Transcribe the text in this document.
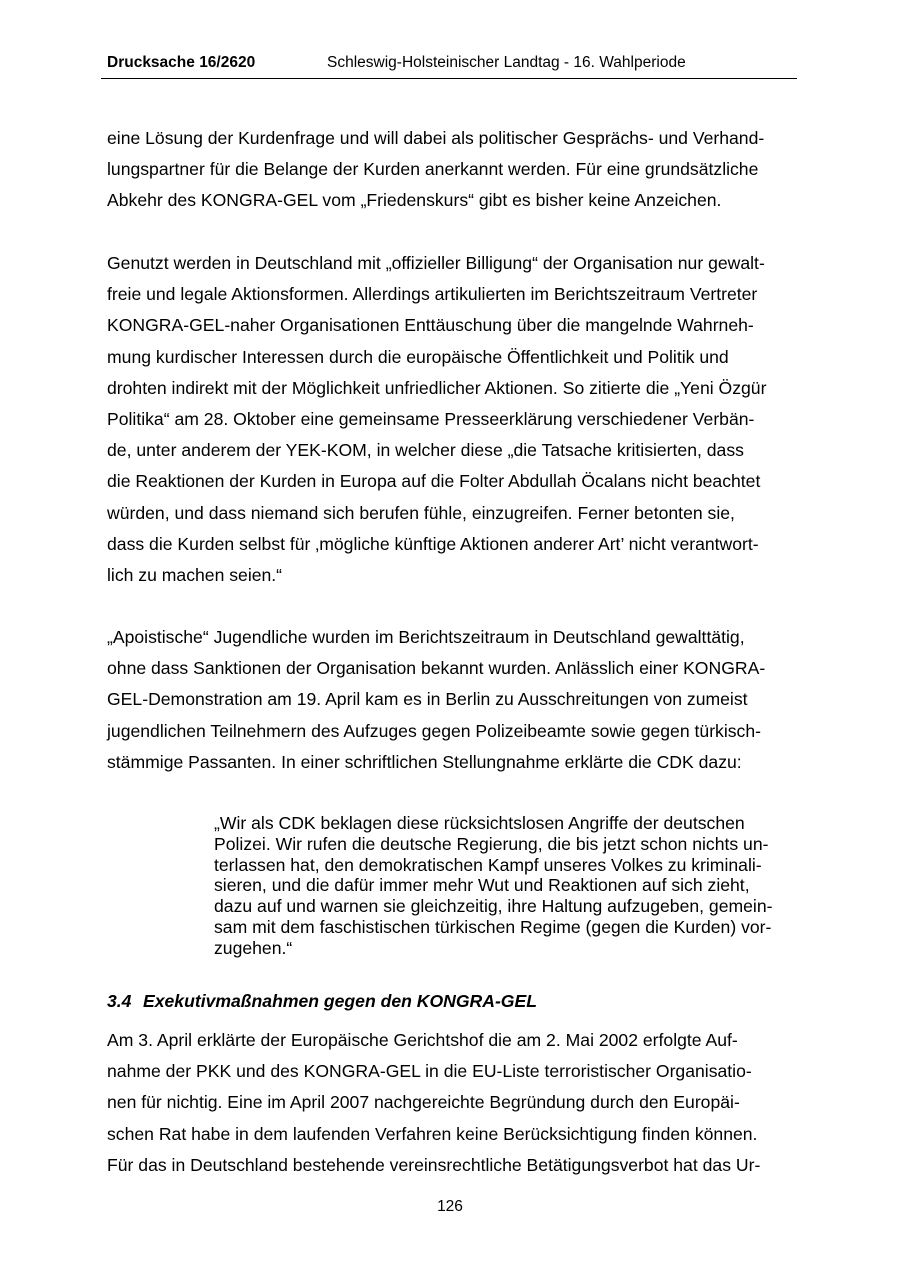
Drucksache 16/2620	Schleswig-Holsteinischer Landtag - 16. Wahlperiode

eine Lösung der Kurdenfrage und will dabei als politischer Gesprächs- und Verhand-
lungspartner für die Belange der Kurden anerkannt werden. Für eine grundsätzliche
Abkehr des KONGRA-GEL vom „Friedenskurs“ gibt es bisher keine Anzeichen.

Genutzt werden in Deutschland mit „offizieller Billigung“ der Organisation nur gewalt-
freie und legale Aktionsformen. Allerdings artikulierten im Berichtszeitraum Vertreter
KONGRA-GEL-naher Organisationen Enttäuschung über die mangelnde Wahrneh-
mung kurdischer Interessen durch die europäische Öffentlichkeit und Politik und
drohten indirekt mit der Möglichkeit unfriedlicher Aktionen. So zitierte die „Yeni Özgür
Politika“ am 28. Oktober eine gemeinsame Presseerklärung verschiedener Verbän-
de, unter anderem der YEK-KOM, in welcher diese „die Tatsache kritisierten, dass
die Reaktionen der Kurden in Europa auf die Folter Abdullah Öcalans nicht beachtet
würden, und dass niemand sich berufen fühle, einzugreifen. Ferner betonten sie,
dass die Kurden selbst für ‚mögliche künftige Aktionen anderer Art’ nicht verantwort-
lich zu machen seien.“

„Apoistische“ Jugendliche wurden im Berichtszeitraum in Deutschland gewalttätig,
ohne dass Sanktionen der Organisation bekannt wurden. Anlässlich einer KONGRA-
GEL-Demonstration am 19. April kam es in Berlin zu Ausschreitungen von zumeist
jugendlichen Teilnehmern des Aufzuges gegen Polizeibeamte sowie gegen türkisch-
stämmige Passanten. In einer schriftlichen Stellungnahme erklärte die CDK dazu:

„Wir als CDK beklagen diese rücksichtslosen Angriffe der deutschen
Polizei. Wir rufen die deutsche Regierung, die bis jetzt schon nichts un-
terlassen hat, den demokratischen Kampf unseres Volkes zu kriminali-
sieren, und die dafür immer mehr Wut und Reaktionen auf sich zieht,
dazu auf und warnen sie gleichzeitig, ihre Haltung aufzugeben, gemein-
sam mit dem faschistischen türkischen Regime (gegen die Kurden) vor-
zugehen.“
3.4 Exekutivmaßnahmen gegen den KONGRA-GEL

Am 3. April erklärte der Europäische Gerichtshof die am 2. Mai 2002 erfolgte Auf-
nahme der PKK und des KONGRA-GEL in die EU-Liste terroristischer Organisatio-
nen für nichtig. Eine im April 2007 nachgereichte Begründung durch den Europäi-
schen Rat habe in dem laufenden Verfahren keine Berücksichtigung finden können.
Für das in Deutschland bestehende vereinsrechtliche Betätigungsverbot hat das Ur-

126
